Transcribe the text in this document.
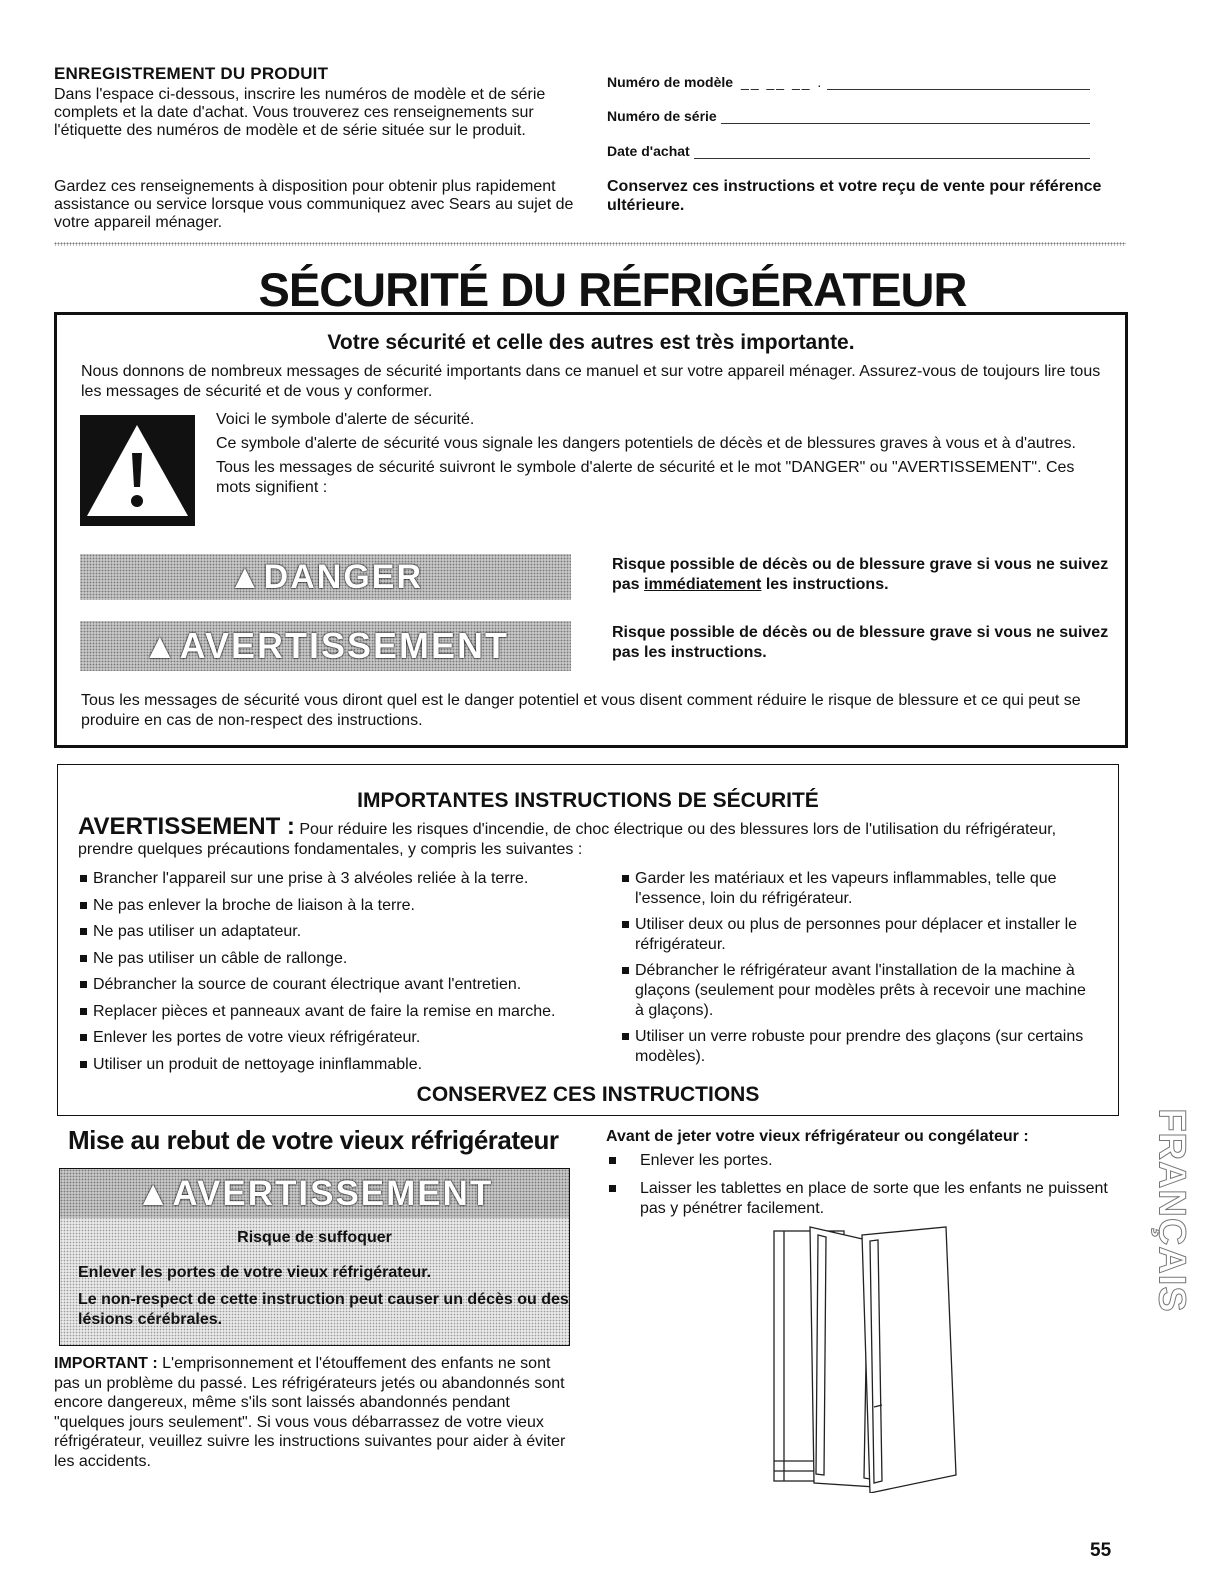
ENREGISTREMENT DU PRODUIT

Dans l'espace ci-dessous, inscrire les numéros de modèle et de série complets et la date d'achat. Vous trouverez ces renseignements sur l'étiquette des numéros de modèle et de série située sur le produit.

Gardez ces renseignements à disposition pour obtenir plus rapidement assistance ou service lorsque vous communiquez avec Sears au sujet de votre appareil ménager.

Numéro de modèle __ __ __ .
Numéro de série
Date d'achat

Conservez ces instructions et votre reçu de vente pour référence ultérieure.

SÉCURITÉ DU RÉFRIGÉRATEUR
Votre sécurité et celle des autres est très importante.

Nous donnons de nombreux messages de sécurité importants dans ce manuel et sur votre appareil ménager. Assurez-vous de toujours lire tous les messages de sécurité et de vous y conformer.

Voici le symbole d'alerte de sécurité.

Ce symbole d'alerte de sécurité vous signale les dangers potentiels de décès et de blessures graves à vous et à d'autres.

Tous les messages de sécurité suivront le symbole d'alerte de sécurité et le mot "DANGER" ou "AVERTISSEMENT". Ces mots signifient :

▲DANGER	Risque possible de décès ou de blessure grave si vous ne suivez pas immédiatement les instructions.

▲AVERTISSEMENT	Risque possible de décès ou de blessure grave si vous ne suivez pas les instructions.

Tous les messages de sécurité vous diront quel est le danger potentiel et vous disent comment réduire le risque de blessure et ce qui peut se produire en cas de non-respect des instructions.

IMPORTANTES INSTRUCTIONS DE SÉCURITÉ

AVERTISSEMENT : Pour réduire les risques d'incendie, de choc électrique ou des blessures lors de l'utilisation du réfrigérateur, prendre quelques précautions fondamentales, y compris les suivantes :

Brancher l'appareil sur une prise à 3 alvéoles reliée à la terre.
Ne pas enlever la broche de liaison à la terre.
Ne pas utiliser un adaptateur.
Ne pas utiliser un câble de rallonge.
Débrancher la source de courant électrique avant l'entretien.
Replacer pièces et panneaux avant de faire la remise en marche.
Enlever les portes de votre vieux réfrigérateur.
Utiliser un produit de nettoyage ininflammable.
Garder les matériaux et les vapeurs inflammables, telle que l'essence, loin du réfrigérateur.
Utiliser deux ou plus de personnes pour déplacer et installer le réfrigérateur.
Débrancher le réfrigérateur avant l'installation de la machine à glaçons (seulement pour modèles prêts à recevoir une machine à glaçons).
Utiliser un verre robuste pour prendre des glaçons (sur certains modèles).
CONSERVEZ CES INSTRUCTIONS
Mise au rebut de votre vieux réfrigérateur
▲AVERTISSEMENT

Risque de suffoquer

Enlever les portes de votre vieux réfrigérateur.

Le non-respect de cette instruction peut causer un décès ou des lésions cérébrales.

IMPORTANT : L'emprisonnement et l'étouffement des enfants ne sont pas un problème du passé. Les réfrigérateurs jetés ou abandonnés sont encore dangereux, même s'ils sont laissés abandonnés pendant "quelques jours seulement". Si vous vous débarrassez de votre vieux réfrigérateur, veuillez suivre les instructions suivantes pour aider à éviter les accidents.

Avant de jeter votre vieux réfrigérateur ou congélateur :
Enlever les portes.
Laisser les tablettes en place de sorte que les enfants ne puissent pas y pénétrer facilement.	FRANÇAIS
55
